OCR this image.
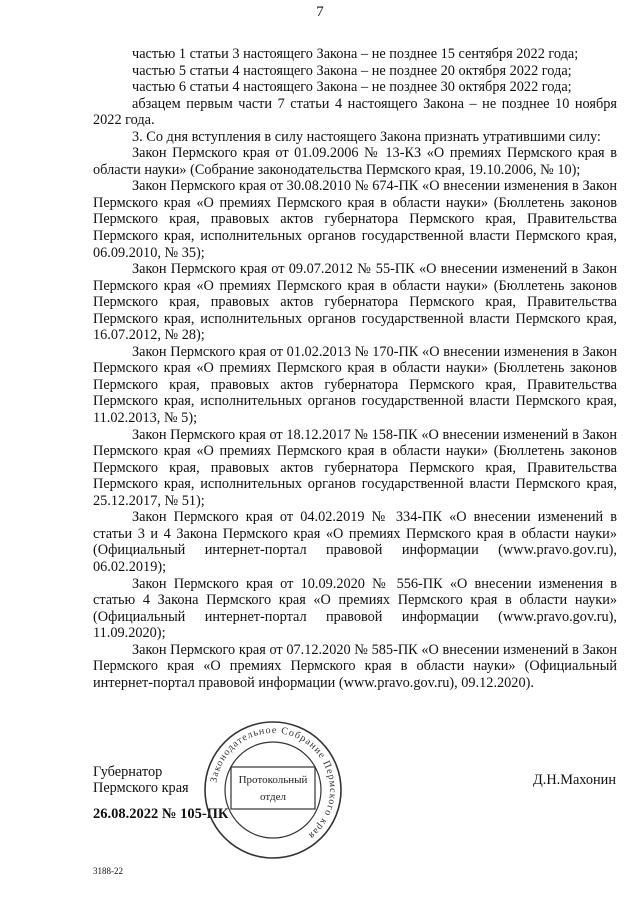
7

частью 1 статьи 3 настоящего Закона – не позднее 15 сентября 2022 года;

частью 5 статьи 4 настоящего Закона – не позднее 20 октября 2022 года;

частью 6 статьи 4 настоящего Закона – не позднее 30 октября 2022 года;

абзацем первым части 7 статьи 4 настоящего Закона – не позднее 10 ноября 2022 года.

3. Со дня вступления в силу настоящего Закона признать утратившими силу:

Закон Пермского края от 01.09.2006 № 13-КЗ «О премиях Пермского края в области науки» (Собрание законодательства Пермского края, 19.10.2006, № 10);

Закон Пермского края от 30.08.2010 № 674-ПК «О внесении изменения в Закон Пермского края «О премиях Пермского края в области науки» (Бюллетень законов Пермского края, правовых актов губернатора Пермского края, Правительства Пермского края, исполнительных органов государственной власти Пермского края, 06.09.2010, № 35);

Закон Пермского края от 09.07.2012 № 55-ПК «О внесении изменений в Закон Пермского края «О премиях Пермского края в области науки» (Бюллетень законов Пермского края, правовых актов губернатора Пермского края, Правительства Пермского края, исполнительных органов государственной власти Пермского края, 16.07.2012, № 28);

Закон Пермского края от 01.02.2013 № 170-ПК «О внесении изменения в Закон Пермского края «О премиях Пермского края в области науки» (Бюллетень законов Пермского края, правовых актов губернатора Пермского края, Правительства Пермского края, исполнительных органов государственной власти Пермского края, 11.02.2013, № 5);

Закон Пермского края от 18.12.2017 № 158-ПК «О внесении изменений в Закон Пермского края «О премиях Пермского края в области науки» (Бюллетень законов Пермского края, правовых актов губернатора Пермского края, Правительства Пермского края, исполнительных органов государственной власти Пермского края, 25.12.2017, № 51);

Закон Пермского края от 04.02.2019 № 334-ПК «О внесении изменений в статьи 3 и 4 Закона Пермского края «О премиях Пермского края в области науки» (Официальный интернет-портал правовой информации (www.pravo.gov.ru), 06.02.2019);

Закон Пермского края от 10.09.2020 № 556-ПК «О внесении изменения в статью 4 Закона Пермского края «О премиях Пермского края в области науки» (Официальный интернет-портал правовой информации (www.pravo.gov.ru), 11.09.2020);

Закон Пермского края от 07.12.2020 № 585-ПК «О внесении изменений в Закон Пермского края «О премиях Пермского края в области науки» (Официальный интернет-портал правовой информации (www.pravo.gov.ru), 09.12.2020).

Губернатор
Пермского края	Д.Н.Махонин
26.08.2022 № 105-ПК
Законодательное Собрание Пермского края
Протокольный
отдел
3188-22
